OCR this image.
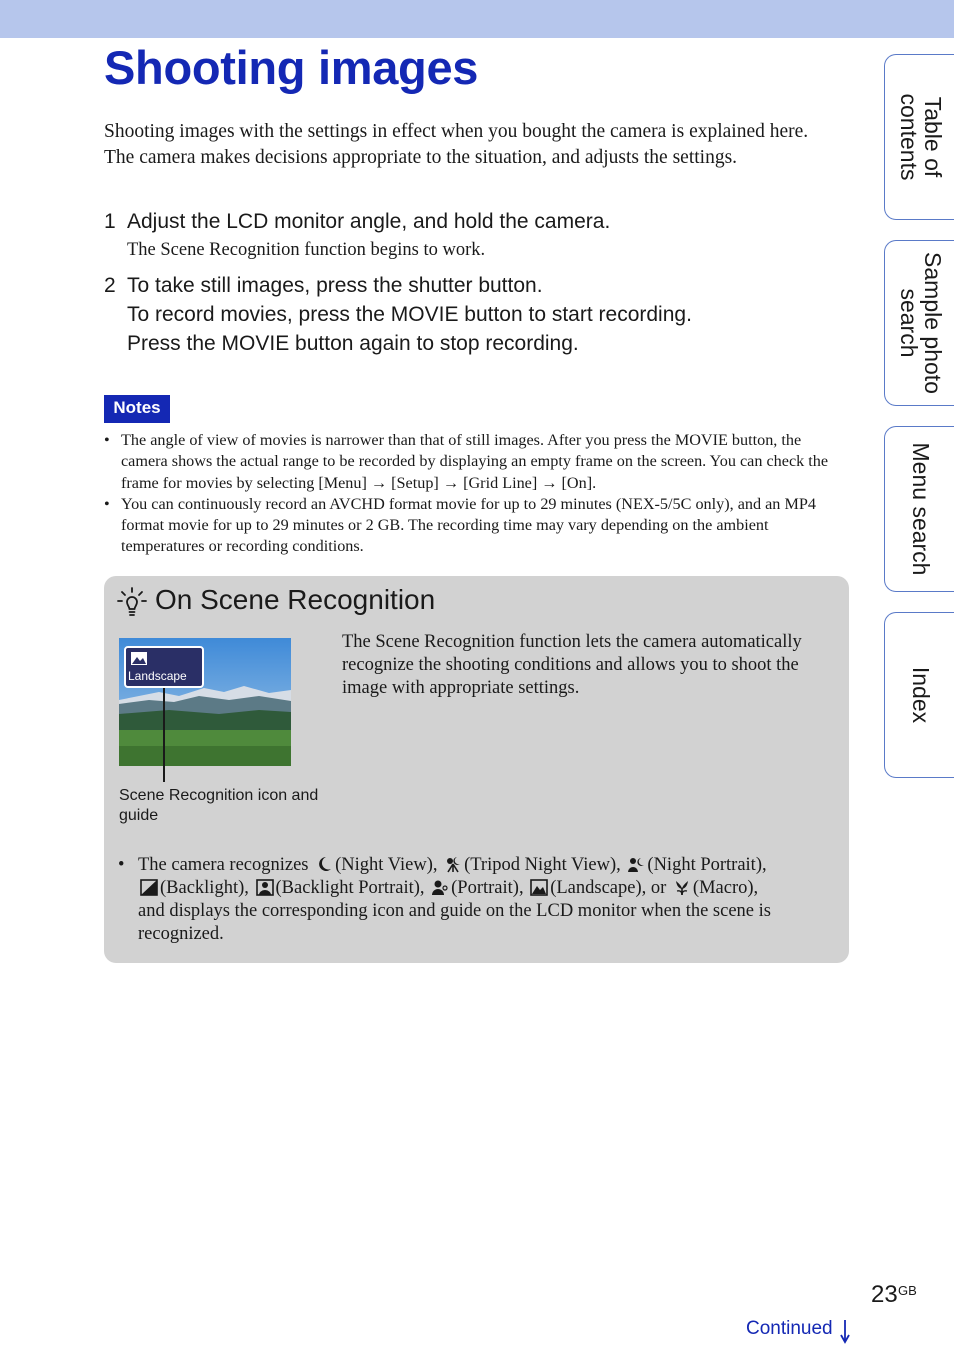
Shooting images

Shooting images with the settings in effect when you bought the camera is explained here.

The camera makes decisions appropriate to the situation, and adjusts the settings.

1 Adjust the LCD monitor angle, and hold the camera.
The Scene Recognition function begins to work.
2 To take still images, press the shutter button.
To record movies, press the MOVIE button to start recording.
Press the MOVIE button again to stop recording.
Notes
• The angle of view of movies is narrower than that of still images. After you press the MOVIE button, the camera shows the actual range to be recorded by displaying an empty frame on the screen. You can check the frame for movies by selecting [Menu] → [Setup] → [Grid Line] → [On].
• You can continuously record an AVCHD format movie for up to 29 minutes (NEX-5/5C only), and an MP4 format movie for up to 29 minutes or 2 GB. The recording time may vary depending on the ambient temperatures or recording conditions.
On Scene Recognition
Landscape
Scene Recognition icon and guide
The Scene Recognition function lets the camera automatically recognize the shooting conditions and allows you to shoot the image with appropriate settings.
• The camera recognizes (Night View), (Tripod Night View), (Night Portrait),
(Backlight), (Backlight Portrait), (Portrait), (Landscape), or (Macro),
and displays the corresponding icon and guide on the LCD monitor when the scene is recognized.
Table of contents
Sample photo search
Menu search
Index
23 GB
Continued
